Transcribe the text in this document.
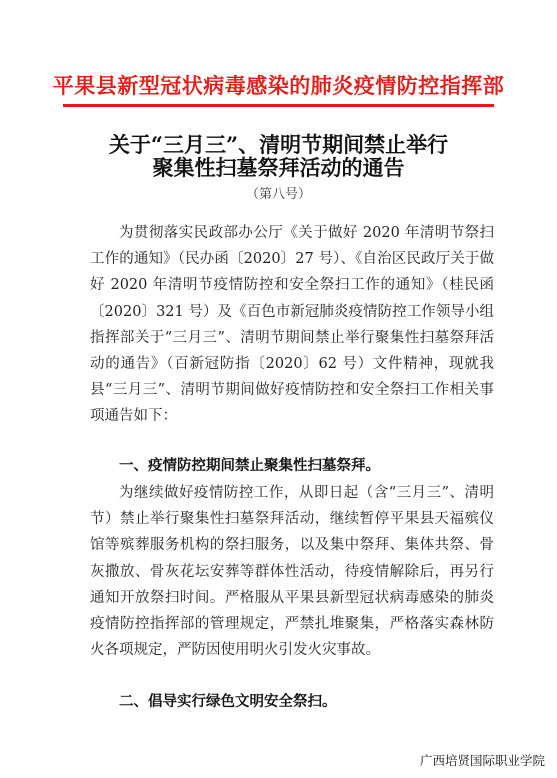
平果县新型冠状病毒感染的肺炎疫情防控指挥部
关于“三月三”、清明节期间禁止举行
聚集性扫墓祭拜活动的通告
（第八号）

为贯彻落实民政部办公厅《关于做好 2020 年清明节祭扫工作的通知》（民办函〔2020〕27 号）、《自治区民政厅关于做好 2020 年清明节疫情防控和安全祭扫工作的通知》（桂民函〔2020〕321 号）及《百色市新冠肺炎疫情防控工作领导小组指挥部关于“三月三”、清明节期间禁止举行聚集性扫墓祭拜活动的通告》（百新冠防指〔2020〕62 号）文件精神，现就我县“三月三”、清明节期间做好疫情防控和安全祭扫工作相关事项通告如下：

一、疫情防控期间禁止聚集性扫墓祭拜。

为继续做好疫情防控工作，从即日起（含“三月三”、清明节）禁止举行聚集性扫墓祭拜活动，继续暂停平果县天福殡仪馆等殡葬服务机构的祭扫服务，以及集中祭拜、集体共祭、骨灰撒放、骨灰花坛安葬等群体性活动，待疫情解除后，再另行通知开放祭扫时间。严格服从平果县新型冠状病毒感染的肺炎疫情防控指挥部的管理规定，严禁扎堆聚集，严格落实森林防火各项规定，严防因使用明火引发火灾事故。

二、倡导实行绿色文明安全祭扫。

广西培贤国际职业学院
